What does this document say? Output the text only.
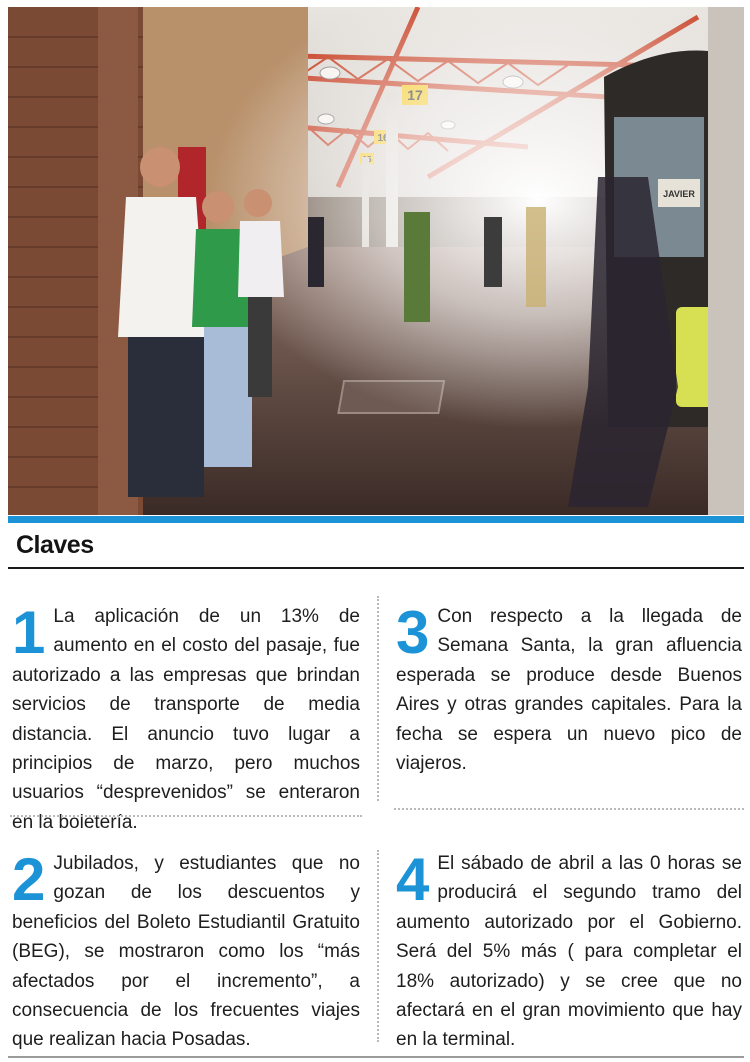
JAVIER
Claves
1 La aplicación de un 13% de aumento en el costo del pasaje, fue autorizado a las empresas que brindan servicios de transporte de media distancia. El anuncio tuvo lugar a principios de marzo, pero muchos usuarios “desprevenidos” se enteraron en la boletería.
2 Jubilados, y estudiantes que no gozan de los descuentos y beneficios del Boleto Estudiantil Gratuito (BEG), se mostraron como los “más afectados por el incremento”, a consecuencia de los frecuentes viajes que realizan hacia Posadas.
3 Con respecto a la llegada de Semana Santa, la gran afluencia esperada se produce desde Buenos Aires y otras grandes capitales. Para la fecha se espera un nuevo pico de viajeros.
4 El sábado de abril a las 0 horas se producirá el segundo tramo del aumento autorizado por el Gobierno. Será del 5% más ( para completar el 18% autorizado) y se cree que no afectará en el gran movimiento que hay en la terminal.
